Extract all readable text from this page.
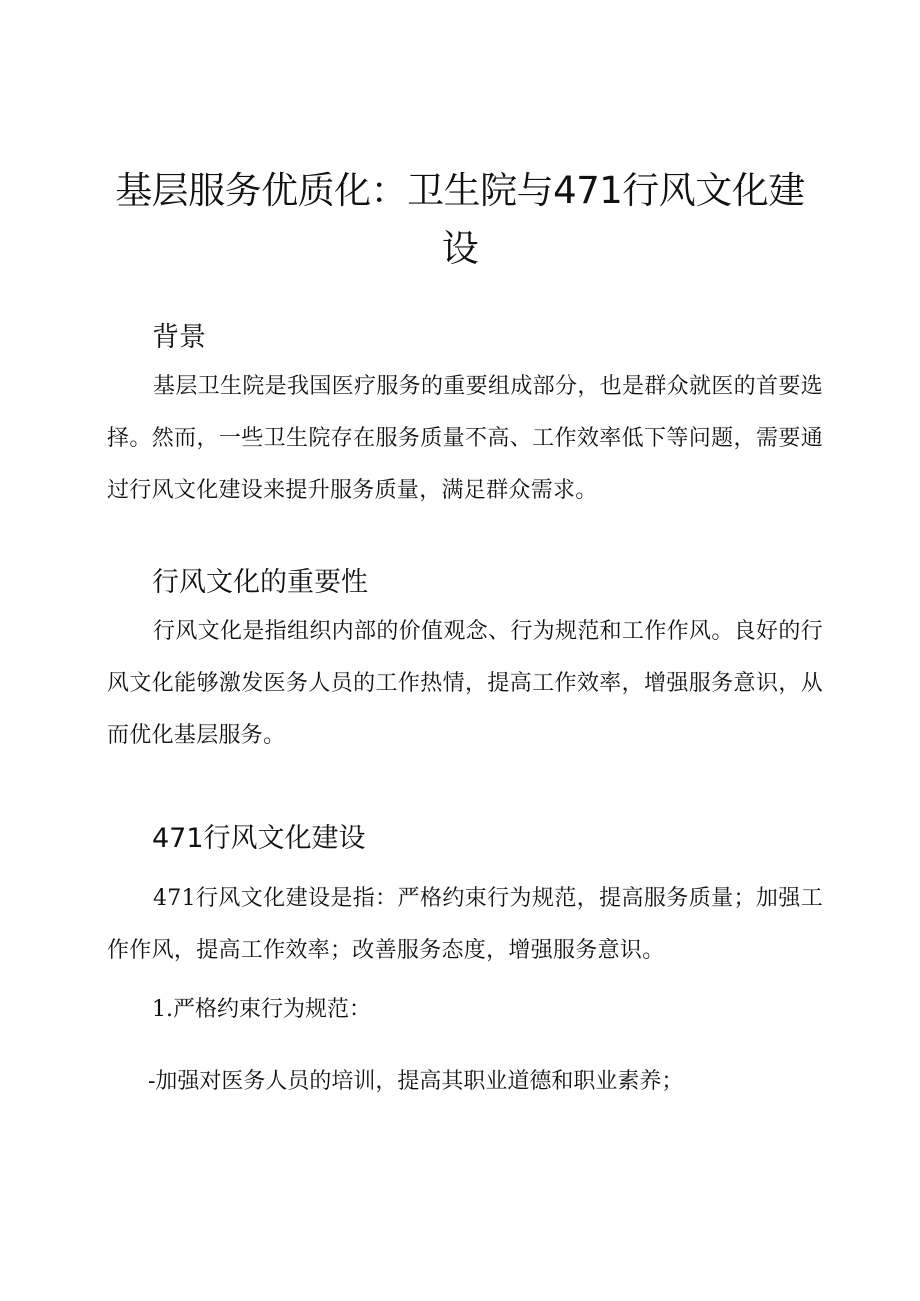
基层服务优质化：卫生院与471行风文化建设
背景

基层卫生院是我国医疗服务的重要组成部分，也是群众就医的首要选择。然而，一些卫生院存在服务质量不高、工作效率低下等问题，需要通过行风文化建设来提升服务质量，满足群众需求。

行风文化的重要性

行风文化是指组织内部的价值观念、行为规范和工作作风。良好的行风文化能够激发医务人员的工作热情，提高工作效率，增强服务意识，从而优化基层服务。

471行风文化建设

471行风文化建设是指：严格约束行为规范，提高服务质量；加强工作作风，提高工作效率；改善服务态度，增强服务意识。

1.严格约束行为规范：

-加强对医务人员的培训，提高其职业道德和职业素养；
